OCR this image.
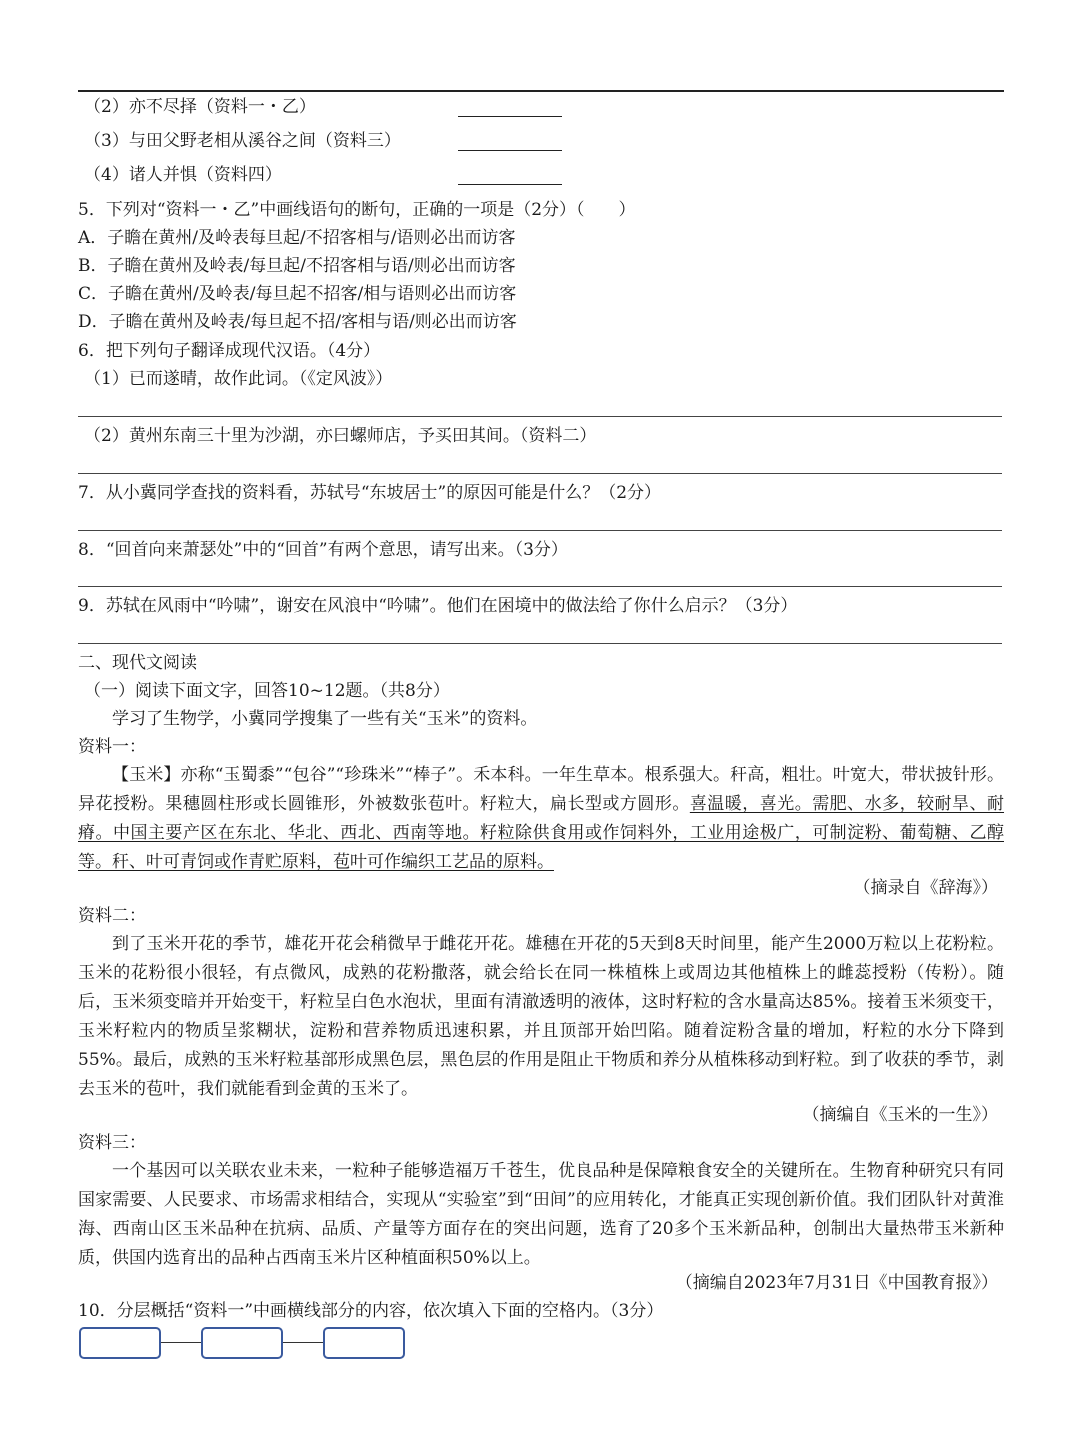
（2）亦不尽择（资料一・乙）
（3）与田父野老相从溪谷之间（资料三）
（4）诸人并惧（资料四）
5．下列对“资料一・乙”中画线语句的断句，正确的一项是（2分）（　　）
A．子瞻在黄州/及岭表每旦起/不招客相与/语则必出而访客
B．子瞻在黄州及岭表/每旦起/不招客相与语/则必出而访客
C．子瞻在黄州/及岭表/每旦起不招客/相与语则必出而访客
D．子瞻在黄州及岭表/每旦起不招/客相与语/则必出而访客
6．把下列句子翻译成现代汉语。（4分）
（1）已而遂晴，故作此词。（《定风波》）
（2）黄州东南三十里为沙湖，亦曰螺师店，予买田其间。（资料二）
7．从小冀同学查找的资料看，苏轼号“东坡居士”的原因可能是什么？（2分）
8．“回首向来萧瑟处”中的“回首”有两个意思，请写出来。（3分）
9．苏轼在风雨中“吟啸”，谢安在风浪中“吟啸”。他们在困境中的做法给了你什么启示？（3分）
二、现代文阅读
（一）阅读下面文字，回答10~12题。（共8分）
学习了生物学，小冀同学搜集了一些有关“玉米”的资料。
资料一：
【玉米】亦称“玉蜀黍”“包谷”“珍珠米”“棒子”。禾本科。一年生草本。根系强大。秆高，粗壮。叶宽大，带状披针形。异花授粉。果穗圆柱形或长圆锥形，外被数张苞叶。籽粒大，扁长型或方圆形。喜温暖，喜光。需肥、水多，较耐旱、耐瘠。中国主要产区在东北、华北、西北、西南等地。籽粒除供食用或作饲料外，工业用途极广，可制淀粉、葡萄糖、乙醇等。秆、叶可青饲或作青贮原料，苞叶可作编织工艺品的原料。
（摘录自《辞海》）
资料二：
到了玉米开花的季节，雄花开花会稍微早于雌花开花。雄穗在开花的5天到8天时间里，能产生2000万粒以上花粉粒。玉米的花粉很小很轻，有点微风，成熟的花粉撒落，就会给长在同一株植株上或周边其他植株上的雌蕊授粉（传粉）。随后，玉米须变暗并开始变干，籽粒呈白色水泡状，里面有清澈透明的液体，这时籽粒的含水量高达85%。接着玉米须变干，玉米籽粒内的物质呈浆糊状，淀粉和营养物质迅速积累，并且顶部开始凹陷。随着淀粉含量的增加，籽粒的水分下降到55%。最后，成熟的玉米籽粒基部形成黑色层，黑色层的作用是阻止干物质和养分从植株移动到籽粒。到了收获的季节，剥去玉米的苞叶，我们就能看到金黄的玉米了。
（摘编自《玉米的一生》）
资料三：
一个基因可以关联农业未来，一粒种子能够造福万千苍生，优良品种是保障粮食安全的关键所在。生物育种研究只有同国家需要、人民要求、市场需求相结合，实现从“实验室”到“田间”的应用转化，才能真正实现创新价值。我们团队针对黄淮海、西南山区玉米品种在抗病、品质、产量等方面存在的突出问题，选育了20多个玉米新品种，创制出大量热带玉米新种质，供国内选育出的品种占西南玉米片区种植面积50%以上。
（摘编自2023年7月31日《中国教育报》）
10．分层概括“资料一”中画横线部分的内容，依次填入下面的空格内。（3分）
